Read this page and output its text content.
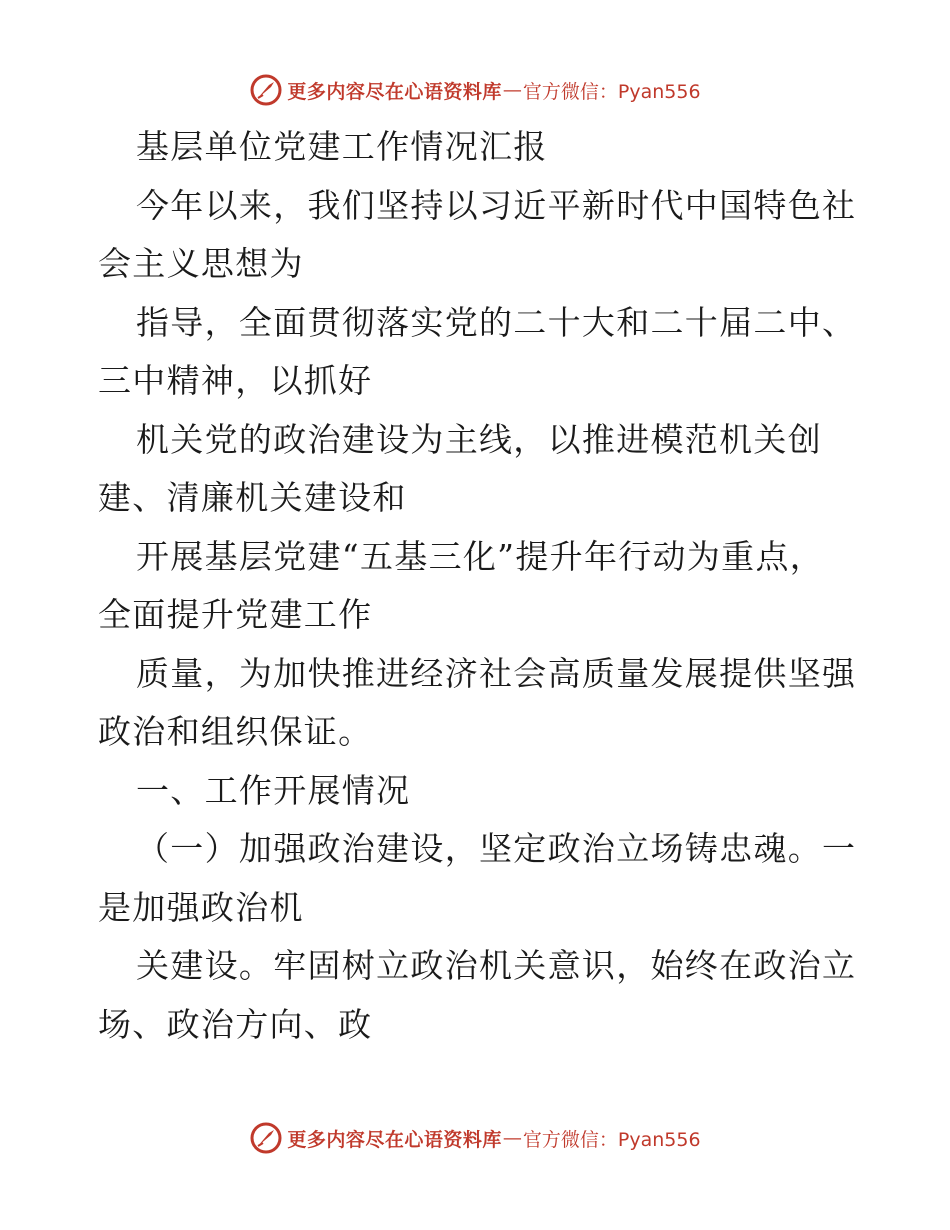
更多内容尽在心语资料库 — 官方微信：Pyan556
基层单位党建工作情况汇报
今年以来，我们坚持以习近平新时代中国特色社
会主义思想为
指导，全面贯彻落实党的二十大和二十届二中、
三中精神，以抓好
机关党的政治建设为主线，以推进模范机关创
建、清廉机关建设和
开展基层党建“五基三化”提升年行动为重点，
全面提升党建工作
质量，为加快推进经济社会高质量发展提供坚强
政治和组织保证。
一、工作开展情况
（一）加强政治建设，坚定政治立场铸忠魂。一
是加强政治机
关建设。牢固树立政治机关意识，始终在政治立
场、政治方向、政
更多内容尽在心语资料库 — 官方微信：Pyan556
